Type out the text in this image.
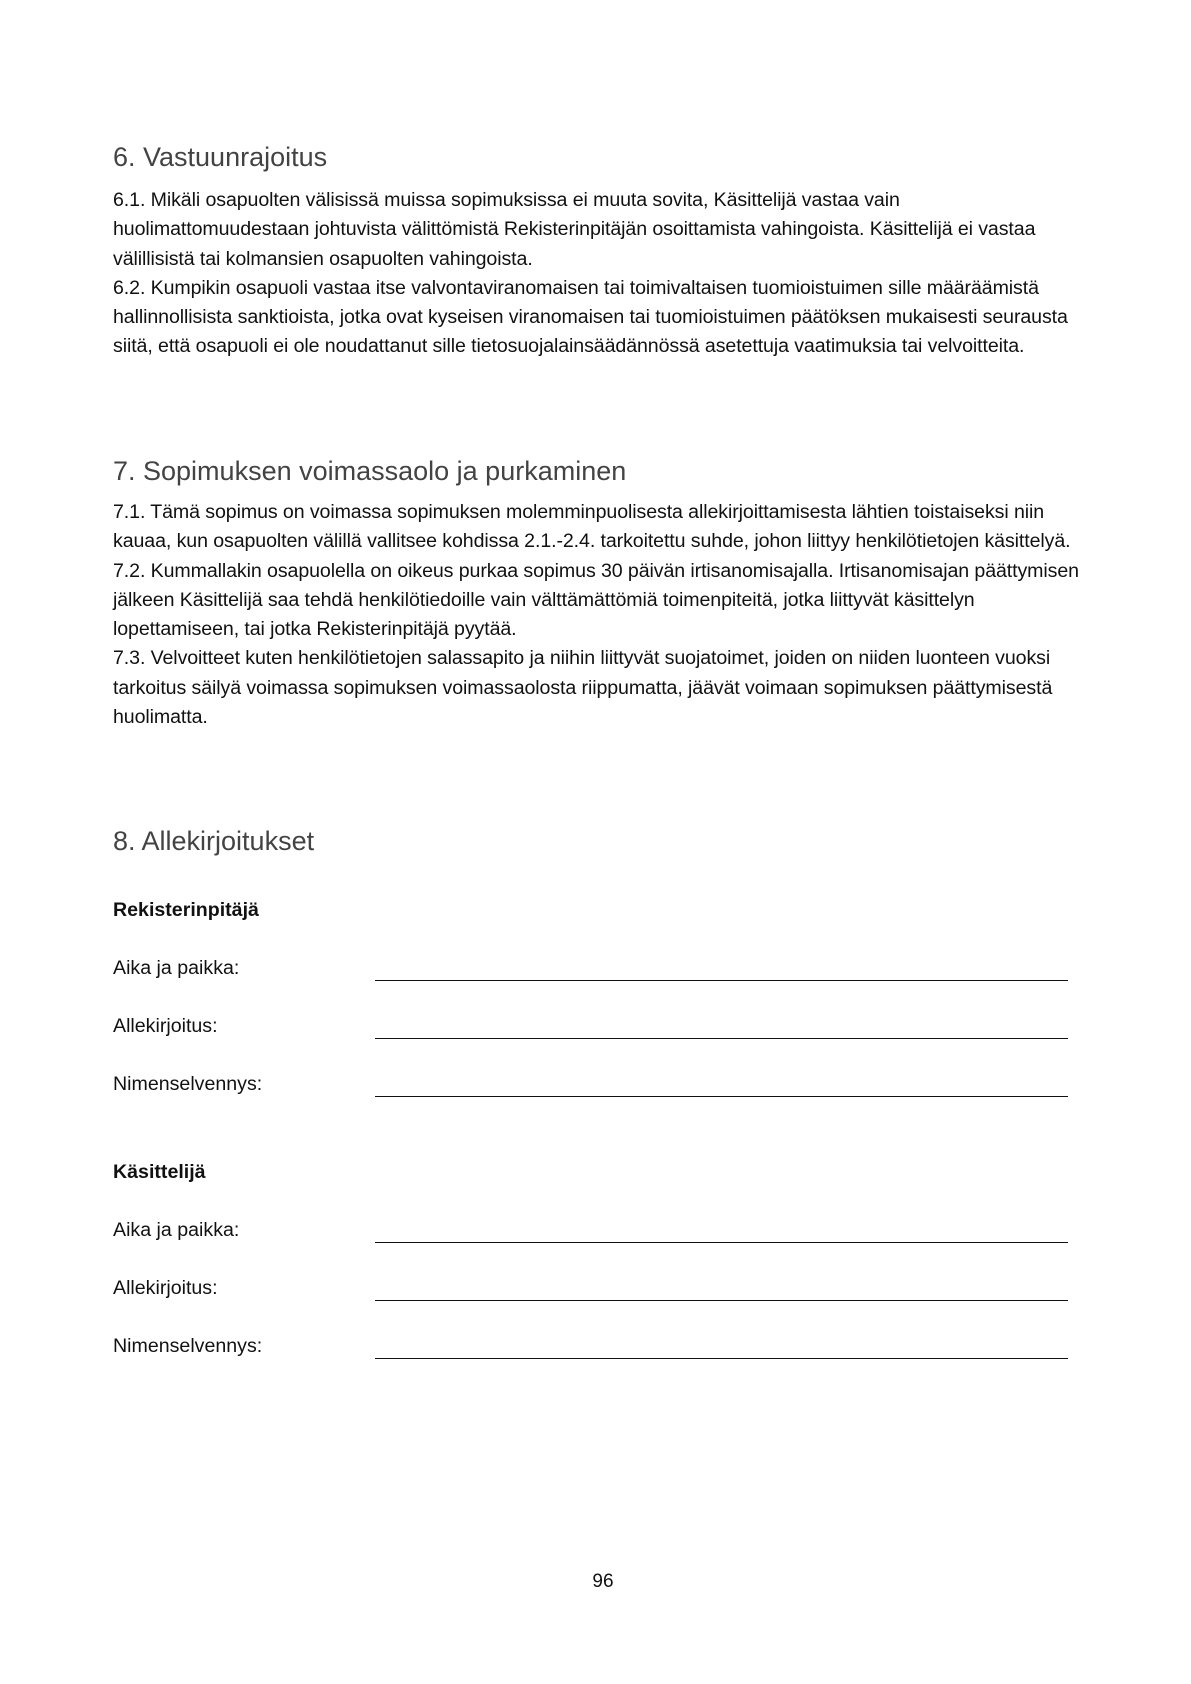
6. Vastuunrajoitus

6.1. Mikäli osapuolten välisissä muissa sopimuksissa ei muuta sovita, Käsittelijä vastaa vain huolimattomuudestaan johtuvista välittömistä Rekisterinpitäjän osoittamista vahingoista. Käsittelijä ei vastaa välillisistä tai kolmansien osapuolten vahingoista.

6.2. Kumpikin osapuoli vastaa itse valvontaviranomaisen tai toimivaltaisen tuomioistuimen sille määräämistä hallinnollisista sanktioista, jotka ovat kyseisen viranomaisen tai tuomioistuimen päätöksen mukaisesti seurausta siitä, että osapuoli ei ole noudattanut sille tietosuojalainsäädännössä asetettuja vaatimuksia tai velvoitteita.

7. Sopimuksen voimassaolo ja purkaminen

7.1. Tämä sopimus on voimassa sopimuksen molemminpuolisesta allekirjoittamisesta lähtien toistaiseksi niin kauaa, kun osapuolten välillä vallitsee kohdissa 2.1.-2.4. tarkoitettu suhde, johon liittyy henkilötietojen käsittelyä.

7.2. Kummallakin osapuolella on oikeus purkaa sopimus 30 päivän irtisanomisajalla. Irtisanomisajan päättymisen jälkeen Käsittelijä saa tehdä henkilötiedoille vain välttämättömiä toimenpiteitä, jotka liittyvät käsittelyn lopettamiseen, tai jotka Rekisterinpitäjä pyytää.

7.3. Velvoitteet kuten henkilötietojen salassapito ja niihin liittyvät suojatoimet, joiden on niiden luonteen vuoksi tarkoitus säilyä voimassa sopimuksen voimassaolosta riippumatta, jäävät voimaan sopimuksen päättymisestä huolimatta.

8. Allekirjoitukset
Rekisterinpitäjä
Aika ja paikka:
Allekirjoitus:
Nimenselvennys:
Käsittelijä
Aika ja paikka:
Allekirjoitus:
Nimenselvennys:
96
